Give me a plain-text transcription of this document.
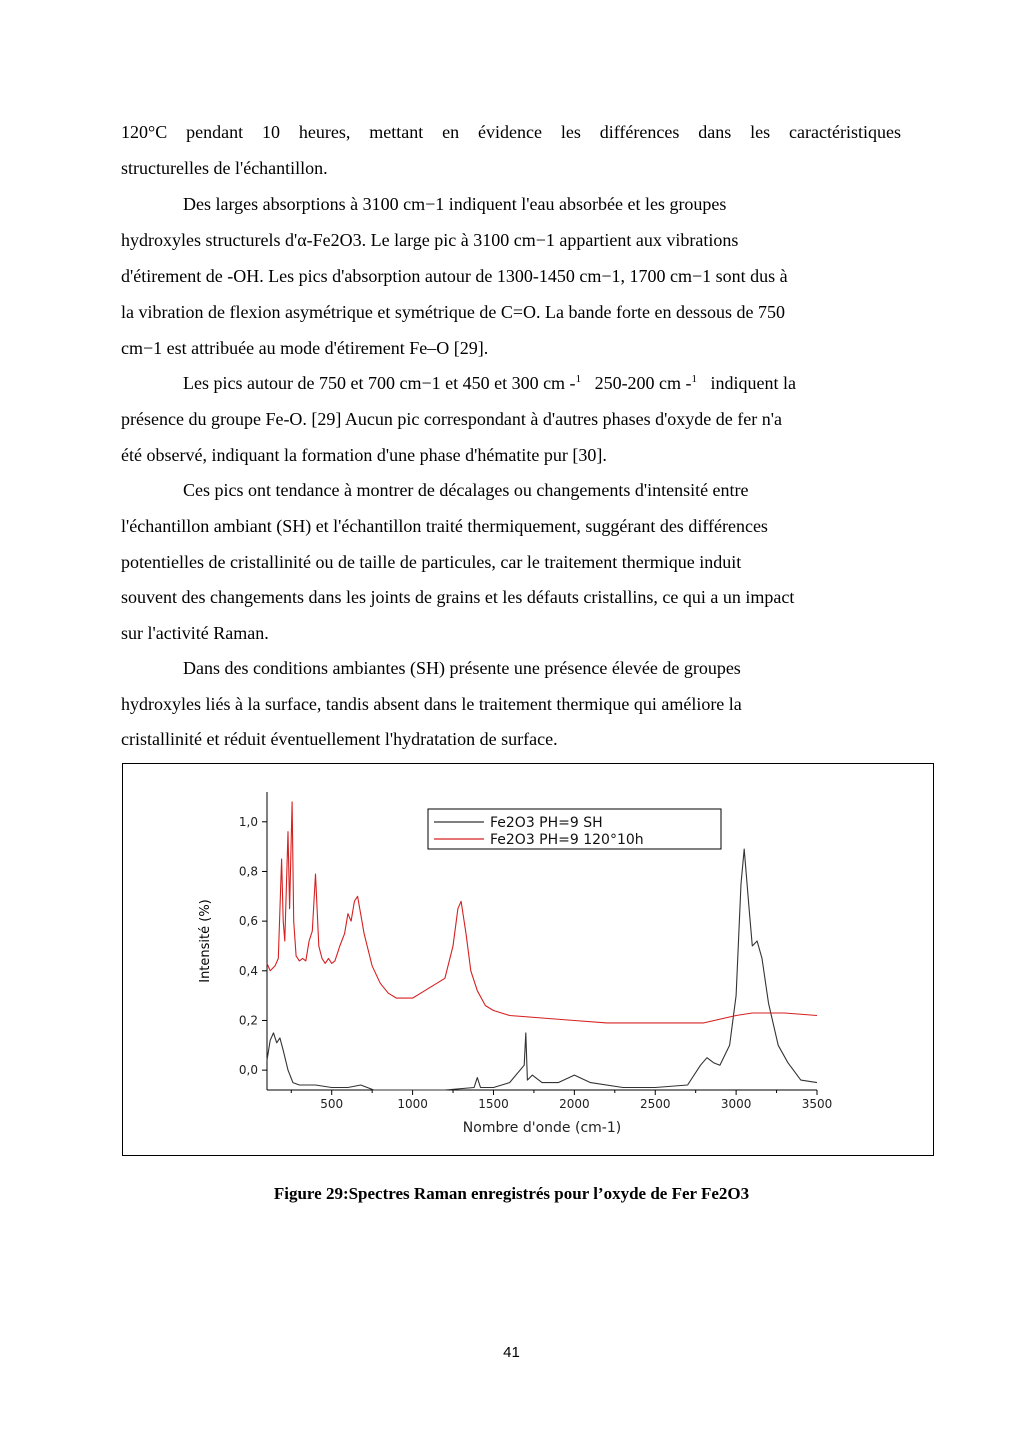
120°C pendant 10 heures, mettant en évidence les différences dans les caractéristiques
structurelles de l'échantillon.
Des larges absorptions à 3100 cm−1 indiquent l'eau absorbée et les groupes
hydroxyles structurels d'α-Fe2O3. Le large pic à 3100 cm−1 appartient aux vibrations
d'étirement de -OH. Les pics d'absorption autour de 1300-1450 cm−1, 1700 cm−1 sont dus à
la vibration de flexion asymétrique et symétrique de C=O. La bande forte en dessous de 750
cm−1 est attribuée au mode d'étirement Fe–O [29].
Les pics autour de 750 et 700 cm−1 et 450 et 300 cm -$^1$ 250-200 cm -$^1$ indiquent la
présence du groupe Fe-O. [29] Aucun pic correspondant à d'autres phases d'oxyde de fer n'a
été observé, indiquant la formation d'une phase d'hématite pur [30].
Ces pics ont tendance à montrer de décalages ou changements d'intensité entre
l'échantillon ambiant (SH) et l'échantillon traité thermiquement, suggérant des différences
potentielles de cristallinité ou de taille de particules, car le traitement thermique induit
souvent des changements dans les joints de grains et les défauts cristallins, ce qui a un impact
sur l'activité Raman.
Dans des conditions ambiantes (SH) présente une présence élevée de groupes
hydroxyles liés à la surface, tandis absent dans le traitement thermique qui améliore la
cristallinité et réduit éventuellement l'hydratation de surface.
500	1000	1500	2000	2500	3000	3500
0,0
0,2
0,4
0,6
0,8
1,0
Nombre d'onde (cm-1)
Intensité (%)
Fe2O3 PH=9 SH
Fe2O3 PH=9 120°10h
Figure 29:Spectres Raman enregistrés pour l’oxyde de Fer Fe2O3
41
